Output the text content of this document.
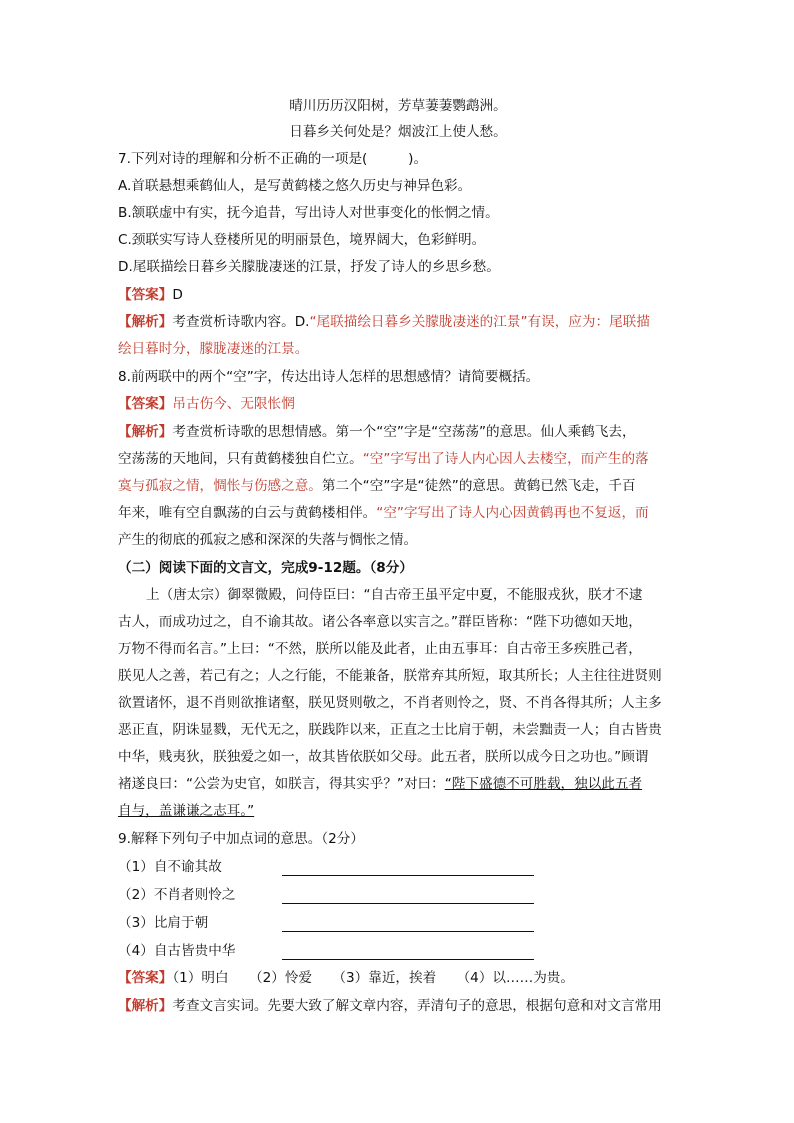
晴川历历汉阳树，芳草萋萋鹦鹉洲。
日暮乡关何处是？烟波江上使人愁。
7.下列对诗的理解和分析不正确的一项是(　　　)。
A.首联悬想乘鹤仙人，是写黄鹤楼之悠久历史与神异色彩。
B.颔联虚中有实，抚今追昔，写出诗人对世事变化的怅惘之情。
C.颈联实写诗人登楼所见的明丽景色，境界阔大，色彩鲜明。
D.尾联描绘日暮乡关朦胧凄迷的江景，抒发了诗人的乡思乡愁。
【答案】D
【解析】考查赏析诗歌内容。D.“尾联描绘日暮乡关朦胧凄迷的江景”有误，应为：尾联描
绘日暮时分，朦胧凄迷的江景。
8.前两联中的两个“空”字，传达出诗人怎样的思想感情？请简要概括。
【答案】吊古伤今、无限怅惘
【解析】考查赏析诗歌的思想情感。第一个“空”字是“空荡荡”的意思。仙人乘鹤飞去，
空荡荡的天地间，只有黄鹤楼独自伫立。“空”字写出了诗人内心因人去楼空，而产生的落
寞与孤寂之情，惆怅与伤感之意。第二个“空”字是“徒然”的意思。黄鹤已然飞走，千百
年来，唯有空自飘荡的白云与黄鹤楼相伴。“空”字写出了诗人内心因黄鹤再也不复返，而
产生的彻底的孤寂之感和深深的失落与惆怅之情。
（二）阅读下面的文言文，完成9-12题。（8分）
上（唐太宗）御翠微殿，问侍臣曰：“自古帝王虽平定中夏，不能服戎狄，朕才不逮
古人，而成功过之，自不谕其故。诸公各率意以实言之。”群臣皆称：“陛下功德如天地，
万物不得而名言。”上曰：“不然，朕所以能及此者，止由五事耳：自古帝王多疾胜己者，
朕见人之善，若己有之；人之行能，不能兼备，朕常弃其所短，取其所长；人主往往进贤则
欲置诸怀，退不肖则欲推诸壑，朕见贤则敬之，不肖者则怜之，贤、不肖各得其所；人主多
恶正直，阴诛显戮，无代无之，朕践阼以来，正直之士比肩于朝，未尝黜责一人；自古皆贵
中华，贱夷狄，朕独爱之如一，故其皆依朕如父母。此五者，朕所以成今日之功也。”顾谓
褚遂良曰：“公尝为史官，如朕言，得其实乎？”对曰：“陛下盛德不可胜载，独以此五者
自与，盖谦谦之志耳。”
9.解释下列句子中加点词的意思。（2分）
（1）自不谕其故
（2）不肖者则怜之
（3）比肩于朝
（4）自古皆贵中华
【答案】（1）明白　　（2）怜爱　　（3）靠近，挨着　　（4）以……为贵。
【解析】考查文言实词。先要大致了解文章内容，弄清句子的意思，根据句意和对文言常用
